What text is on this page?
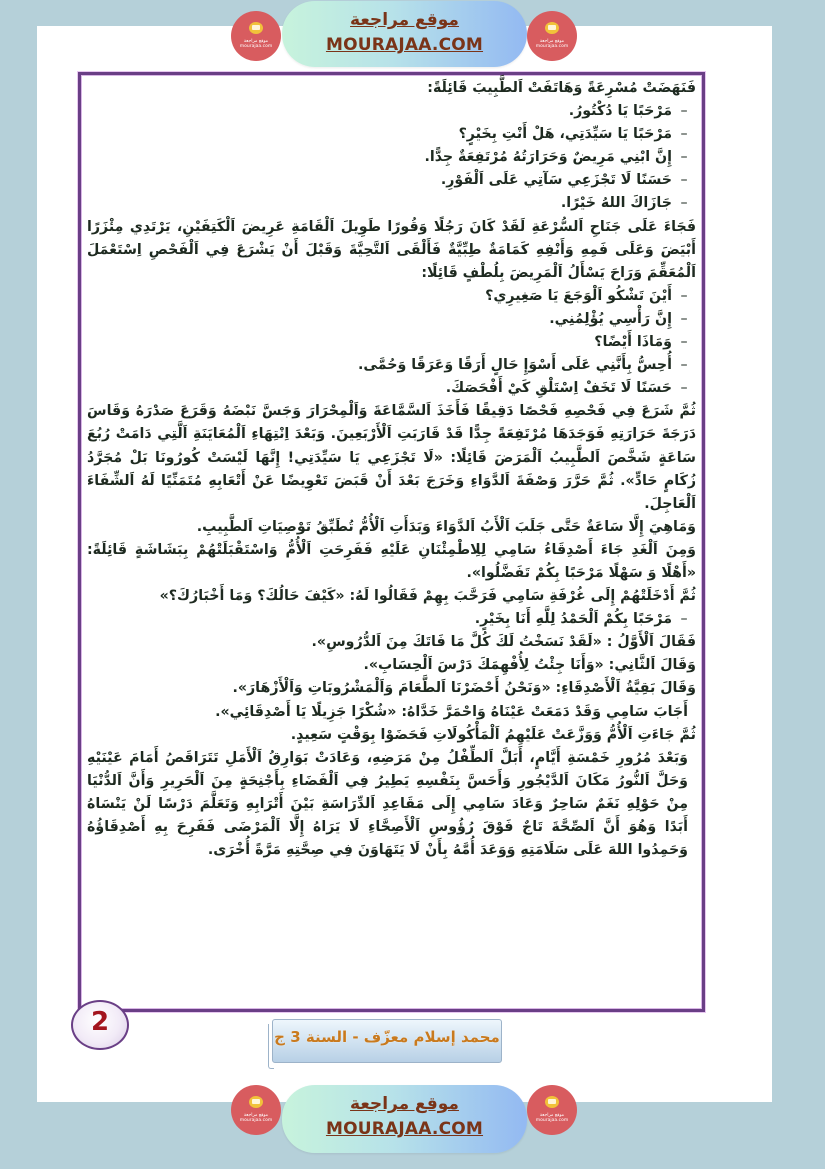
موقع مراجعة
mourajaa.com
موقع مراجعة
MOURAJAA.COM	موقع مراجعة
mourajaa.com

فَنَهَضَتْ مُسْرِعَةً وَهَاتَفَتْ اَلطَّبِيبَ قَائِلَةً:

– مَرْحَبًا يَا دُكْتُورُ.

– مَرْحَبًا يَا سَيِّدَتِي، هَلْ أَنْتِ بِخَيْرٍ؟

– إِنَّ ابْنِي مَرِيضٌ وَحَرَارَتُهُ مُرْتَفِعَةٌ جِدًّا.

– حَسَنًا لَا تَجْزَعِي سَآتِي عَلَى اَلْفَوْرِ.

– جَازَاكَ اللهُ خَيْرًا.

فَجَاءَ عَلَى جَنَاحِ اَلسُّرْعَةِ لَقَدْ كَانَ رَجُلًا وَقُورًا طَوِيلَ اَلْقَامَةِ عَرِيضَ اَلْكَتِفَيْنِ، يَرْتَدِي مِئْزَرًا أَبْيَضَ وَعَلَى فَمِهِ وَأَنْفِهِ كَمَامَةٌ طِبِّيَّةٌ فَأَلْقَى اَلتَّحِيَّةَ وَقَبْلَ أَنْ يَشْرَعَ فِي اَلْفَحْصِ اِسْتَعْمَلَ اَلْمُعَقِّمَ وَرَاحَ يَسْأَلُ اَلْمَرِيضَ بِلُطْفٍ قَائِلًا:

– أَيْنَ تَشْكُو اَلْوَجَعَ يَا صَغِيرِي؟

– إِنَّ رَأْسِي يُؤْلِمُنِي.

– وَمَاذَا أَيْضًا؟

– أُحِسُّ بِأَنَّنِي عَلَى أَسْوَإِ حَالٍ أَرَقًا وَعَرَقًا وَحُمَّى.

– حَسَنًا لَا تَخَفْ اِسْتَلْقِ كَيْ أَفْحَصَكَ.

ثُمَّ شَرَعَ فِي فَحْصِهِ فَحْصًا دَقِيقًا فَأَخَذَ اَلسَّمَّاعَةَ وَاَلْمِحْرَارَ وَجَسَّ نَبْضَهُ وَقَرَعَ صَدْرَهُ وَقَاسَ دَرَجَةَ حَرَارَتِهِ فَوَجَدَهَا مُرْتَفِعَةً جِدًّا قَدْ قَارَبَتِ اَلْأَرْبَعِينَ. وَبَعْدَ اِنْتِهَاءِ اَلْمُعَايَنَةِ اَلَّتِي دَامَتْ رُبُعَ سَاعَةٍ شَخَّصَ اَلطَّبِيبُ اَلْمَرَضَ قَائِلًا: «لَا تَجْزَعِي يَا سَيِّدَتِي! إِنَّهَا لَيْسَتْ كُورُونَا بَلْ مُجَرَّدُ زُكَامٍ حَادٍّ». ثُمَّ حَرَّرَ وَصْفَةَ اَلدَّوَاءِ وَخَرَجَ بَعْدَ أَنْ قَبَضَ تَعْوِيضًا عَنْ أَتْعَابِهِ مُتَمَنِّيًا لَهُ اَلشِّفَاءَ اَلْعَاجِلَ.

وَمَاهِيَ إِلَّا سَاعَةٌ حَتَّى جَلَبَ اَلْأَبُ اَلدَّوَاءَ وَبَدَأَتِ اَلْأُمُّ تُطَبِّقُ تَوْصِيَاتِ اَلطَّبِيبِ.

وَمِنَ اَلْغَدِ جَاءَ أَصْدِقَاءُ سَامِي لِلِاطْمِئْنَانِ عَلَيْهِ فَفَرِحَتِ اَلْأُمُّ وَاسْتَقْبَلَتْهُمْ بِبَشَاشَةٍ قَائِلَةً: «أَهْلًا وَ سَهْلًا مَرْحَبًا بِكُمْ تَفَضَّلُوا».

ثُمَّ أَدْخَلَتْهُمْ إِلَى غُرْفَةِ سَامِي فَرَحَّبَ بِهِمْ فَقَالُوا لَهُ: «كَيْفَ حَالُكَ؟ وَمَا أَخْبَارُكَ؟»

– مَرْحَبًا بِكُمْ اَلْحَمْدُ لِلَّهِ أَنَا بِخَيْرٍ.

فَقَالَ اَلْأَوَّلُ : «لَقَدْ نَسَخْتُ لَكَ كُلَّ مَا فَاتَكَ مِنَ اَلدُّرُوسِ».

وَقَالَ اَلثَّانِي: «وَأَنَا جِئْتُ لِأُفْهِمَكَ دَرْسَ اَلْحِسَابِ».

وَقَالَ بَقِيَّةُ اَلْأَصْدِقَاءِ: «وَنَحْنُ أَحْضَرْنَا اَلطَّعَامَ وَاَلْمَشْرُوبَاتِ وَاَلْأَزْهَارَ».

أَجَابَ سَامِي وَقَدْ دَمَعَتْ عَيْنَاهُ وَاحْمَرَّ خَدَّاهُ: «شُكْرًا جَزِيلًا يَا أَصْدِقَائِي».

ثُمَّ جَاءَتِ اَلْأُمُّ وَوَزَّعَتْ عَلَيْهِمُ اَلْمَأْكُولَاتِ فَحَضَوْا بِوَقْتٍ سَعِيدٍ.

وَبَعْدَ مُرُورِ خَمْسَةِ أَيَّامٍ، أَبَلَّ اَلطِّفْلُ مِنْ مَرَضِهِ، وَعَادَتْ بَوَارِقُ اَلْأَمَلِ تَتَرَاقَصُ أَمَامَ عَيْنَيْهِ وَحَلَّ اَلنُّورُ مَكَانَ اَلدَّيْجُورِ وَأَحَسَّ بِنَفْسِهِ يَطِيرُ فِي اَلْفَضَاءِ بِأَجْنِحَةٍ مِنَ اَلْحَرِيرِ وَأَنَّ اَلدُّنْيَا مِنْ حَوْلِهِ نَغَمٌ سَاحِرٌ وَعَادَ سَامِي إِلَى مَقَاعِدِ اَلدِّرَاسَةِ بَيْنَ أَتْرَابِهِ وَتَعَلَّمَ دَرْسًا لَنْ يَنْسَاهُ أَبَدًا وَهُوَ أَنَّ اَلصِّحَّةَ تَاجٌ فَوْقَ رُؤُوسِ اَلْأَصِحَّاءِ لَا يَرَاهُ إِلَّا اَلْمَرْضَى فَفَرِحَ بِهِ أَصْدِقَاؤُهُ وَحَمِدُوا اللهَ عَلَى سَلَامَتِهِ وَوَعَدَ أُمَّهُ بِأَنْ لَا يَتَهَاوَنَ فِي صِحَّتِهِ مَرَّةً أُخْرَى.

2	محمد إسلام معزّف - السنة 3 ج
موقع مراجعة
mourajaa.com
موقع مراجعة
MOURAJAA.COM
موقع مراجعة
mourajaa.com
